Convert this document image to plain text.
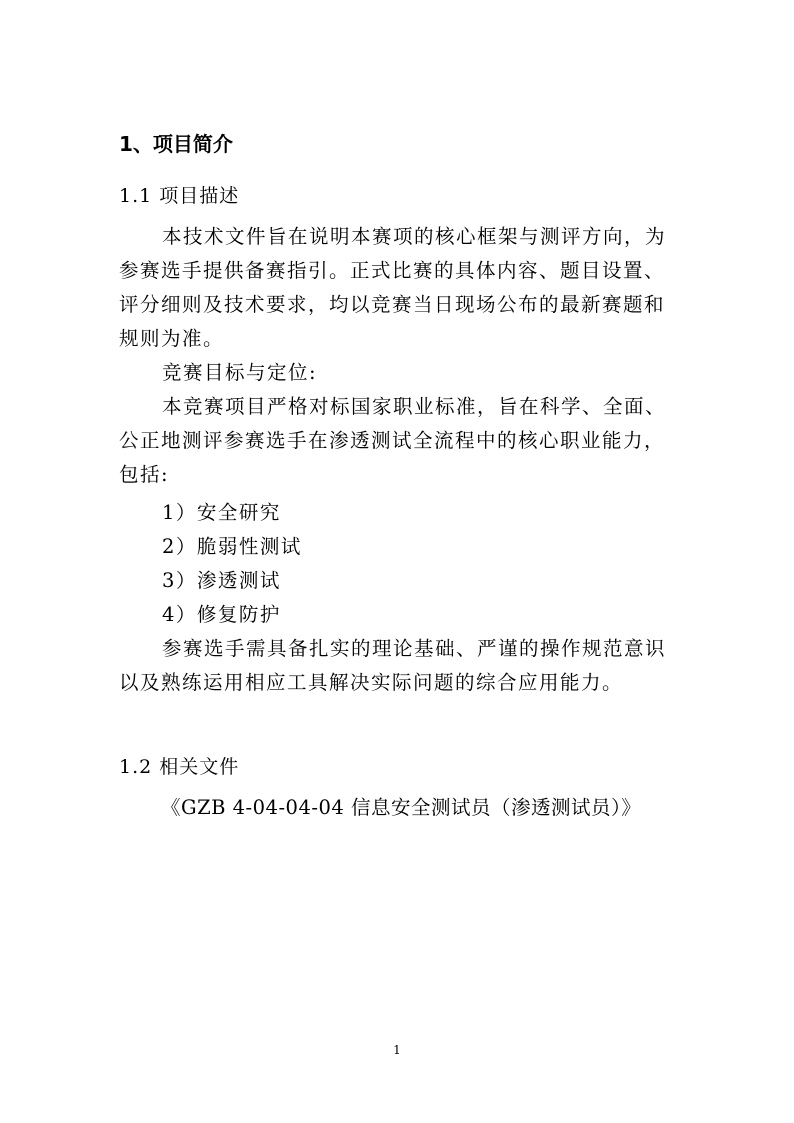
1、项目简介
1.1 项目描述
本技术文件旨在说明本赛项的核心框架与测评方向，为
参赛选手提供备赛指引。正式比赛的具体内容、题目设置、
评分细则及技术要求，均以竞赛当日现场公布的最新赛题和
规则为准。
竞赛目标与定位:
本竞赛项目严格对标国家职业标准，旨在科学、全面、
公正地测评参赛选手在渗透测试全流程中的核心职业能力，
包括:
1）安全研究
2）脆弱性测试
3）渗透测试
4）修复防护
参赛选手需具备扎实的理论基础、严谨的操作规范意识
以及熟练运用相应工具解决实际问题的综合应用能力。
1.2 相关文件
《GZB 4-04-04-04 信息安全测试员（渗透测试员）》
1
